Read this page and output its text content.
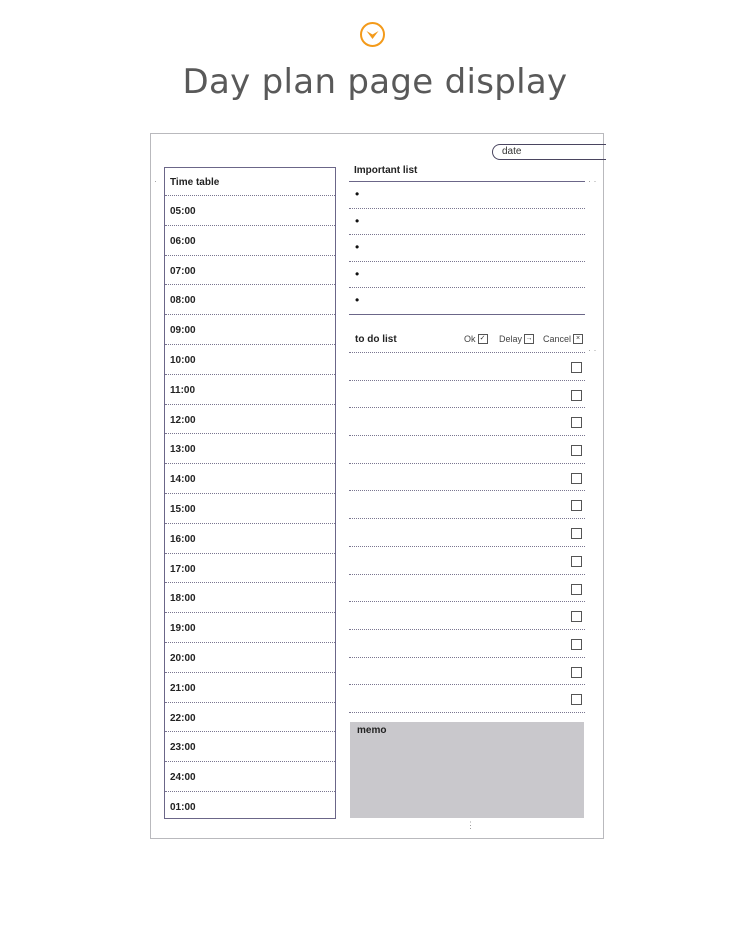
Day plan page display
date
Time table
05:00
06:00
07:00
08:00
09:00
10:00
11:00
12:00
13:00
14:00
15:00
16:00
17:00
18:00
19:00
20:00
21:00
22:00
23:00
24:00
01:00
Important list
•
•
•
•
•
to do list	Ok ✓ Delay → Cancel ×
memo
·	· ·
· ·
⋮
